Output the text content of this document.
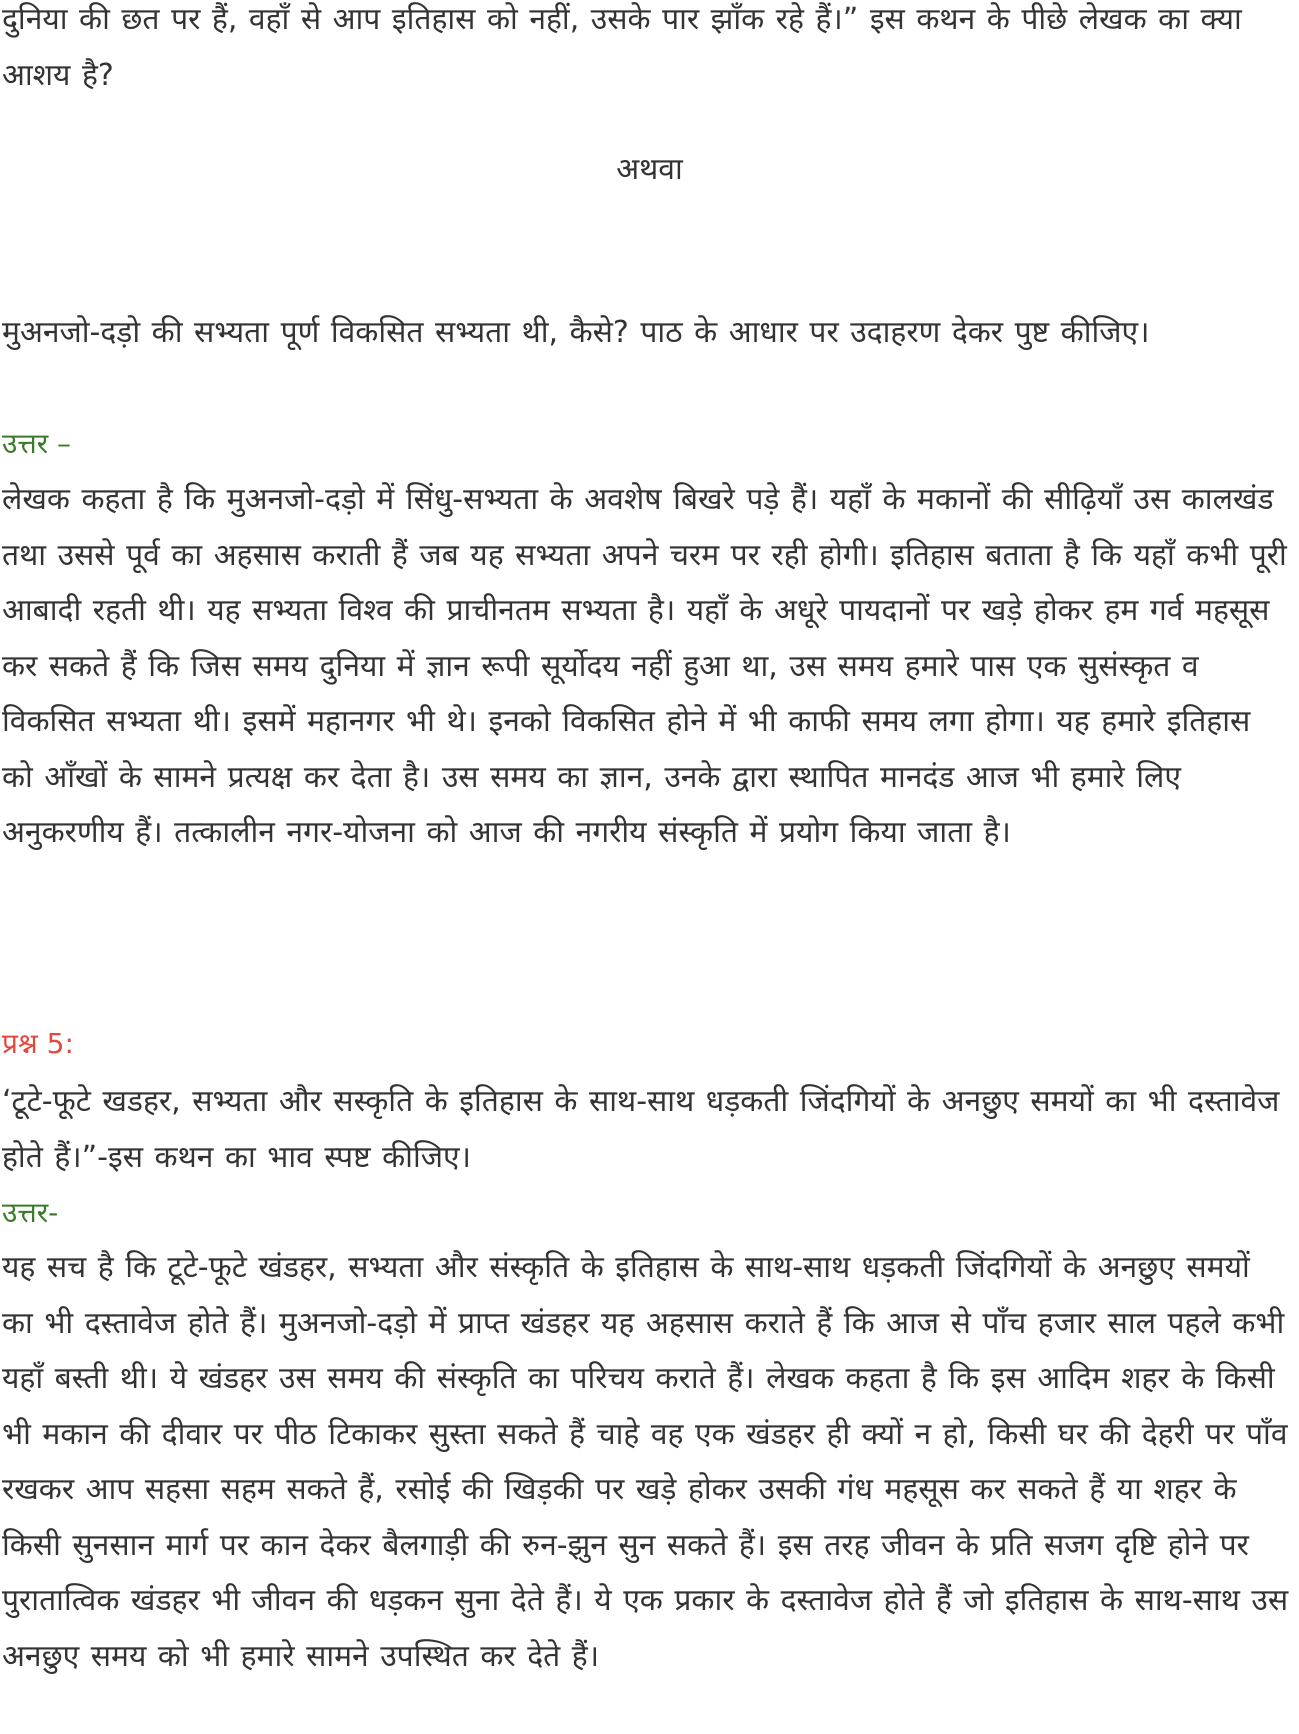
दुनिया की छत पर हैं, वहाँ से आप इतिहास को नहीं, उसके पार झाँक रहे हैं।” इस कथन के पीछे लेखक का क्या आशय है?

अथवा

मुअनजो-दड़ो की सभ्यता पूर्ण विकसित सभ्यता थी, कैसे? पाठ के आधार पर उदाहरण देकर पुष्ट कीजिए।

उत्तर –

लेखक कहता है कि मुअनजो-दड़ो में सिंधु-सभ्यता के अवशेष बिखरे पड़े हैं। यहाँ के मकानों की सीढ़ियाँ उस कालखंड तथा उससे पूर्व का अहसास कराती हैं जब यह सभ्यता अपने चरम पर रही होगी। इतिहास बताता है कि यहाँ कभी पूरी आबादी रहती थी। यह सभ्यता विश्व की प्राचीनतम सभ्यता है। यहाँ के अधूरे पायदानों पर खड़े होकर हम गर्व महसूस कर सकते हैं कि जिस समय दुनिया में ज्ञान रूपी सूर्योदय नहीं हुआ था, उस समय हमारे पास एक सुसंस्कृत व विकसित सभ्यता थी। इसमें महानगर भी थे। इनको विकसित होने में भी काफी समय लगा होगा। यह हमारे इतिहास को आँखों के सामने प्रत्यक्ष कर देता है। उस समय का ज्ञान, उनके द्वारा स्थापित मानदंड आज भी हमारे लिए अनुकरणीय हैं। तत्कालीन नगर-योजना को आज की नगरीय संस्कृति में प्रयोग किया जाता है।

प्रश्न 5:

‘टूटे-फूटे खडहर, सभ्यता और सस्कृति के इतिहास के साथ-साथ धड़कती जिंदगियों के अनछुए समयों का भी दस्तावेज होते हैं।”-इस कथन का भाव स्पष्ट कीजिए।

उत्तर-

यह सच है कि टूटे-फूटे खंडहर, सभ्यता और संस्कृति के इतिहास के साथ-साथ धड़कती जिंदगियों के अनछुए समयों का भी दस्तावेज होते हैं। मुअनजो-दड़ो में प्राप्त खंडहर यह अहसास कराते हैं कि आज से पाँच हजार साल पहले कभी यहाँ बस्ती थी। ये खंडहर उस समय की संस्कृति का परिचय कराते हैं। लेखक कहता है कि इस आदिम शहर के किसी भी मकान की दीवार पर पीठ टिकाकर सुस्ता सकते हैं चाहे वह एक खंडहर ही क्यों न हो, किसी घर की देहरी पर पाँव रखकर आप सहसा सहम सकते हैं, रसोई की खिड़की पर खड़े होकर उसकी गंध महसूस कर सकते हैं या शहर के किसी सुनसान मार्ग पर कान देकर बैलगाड़ी की रुन-झुन सुन सकते हैं। इस तरह जीवन के प्रति सजग दृष्टि होने पर पुरातात्विक खंडहर भी जीवन की धड़कन सुना देते हैं। ये एक प्रकार के दस्तावेज होते हैं जो इतिहास के साथ-साथ उस अनछुए समय को भी हमारे सामने उपस्थित कर देते हैं।
